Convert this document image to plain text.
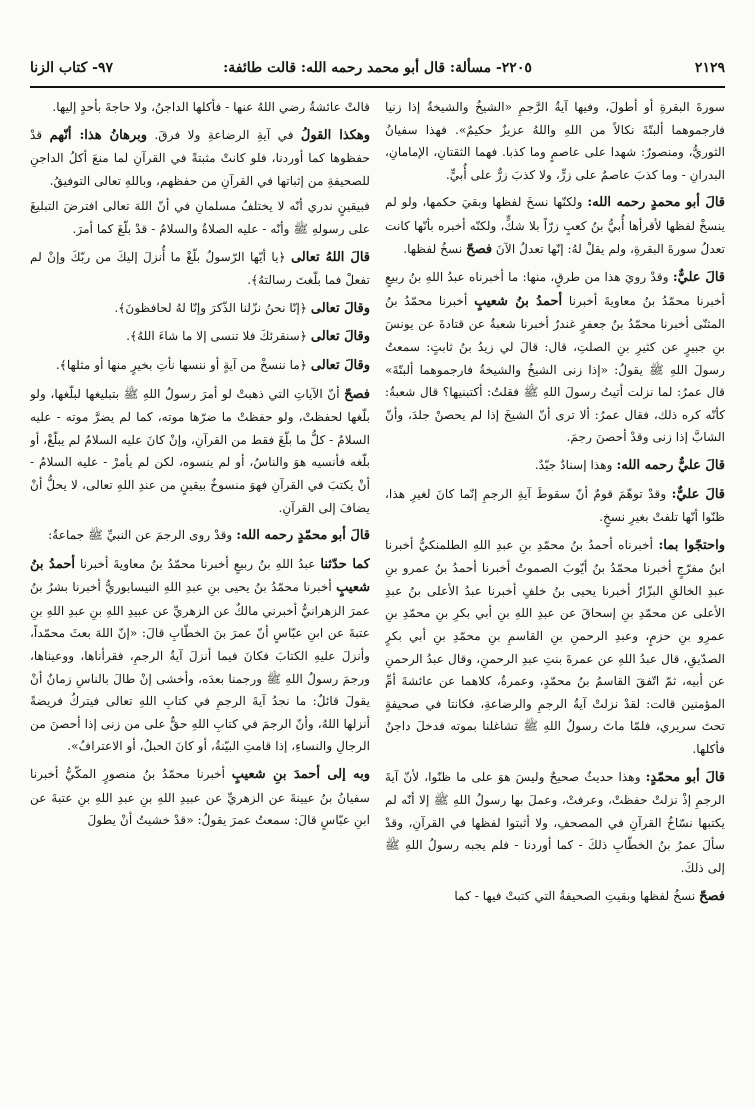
٢١٢٩
٢٢٠٥- مسألة: قال أبو محمد رحمه الله: قالت طائفة:
٩٧- كتاب الزنا

سورةَ البقرةِ أو أطولَ، وفيها آيةُ الرَّجمِ «الشيخُ والشيخةُ إذا زنيا فارجموهما ألبتّةَ نكالاً من اللهِ واللهُ عزيزٌ حكيمٌ». فهذا سفيانُ الثوريُّ، ومنصورٌ: شهدا على عاصمٍ وما كذبا. فهما الثقتانِ، الإمامانِ، البدرانِ - وما كذبَ عاصمٌ على زرٍّ، ولا كذبَ زرٌّ على أُبيٍّ.

قالَ أبو محمدٍ رحمه الله: ولكنّها نسخَ لفظها وبقيَ حكمها، ولو لم ينسخْ لفظها لأقرأها أُبيُّ بنُ كعبٍ زرّاً بلا شكٍّ، ولكنّه أخبره بأنّها كانت تعدلُ سورةَ البقرةِ، ولم يقلْ لهُ: إنّها تعدلُ الآنَ فصحّ نسخُ لفظها.

قالَ عليٌّ: وقدْ رويَ هذا من طرقٍ، منها: ما أخبرناه عبدُ اللهِ بنُ ربيعٍ أخبرنا محمّدُ بنُ معاويةَ أخبرنا أحمدُ بنُ شعيبٍ أخبرنا محمّدُ بنُ المثنّى أخبرنا محمّدُ بنُ جعفرٍ غندرٌ أخبرنا شعبةُ عن قتادةَ عن يونسَ بنِ جبيرٍ عن كثيرِ بنِ الصلتِ، قال: قالَ لي زيدُ بنُ ثابتٍ: سمعتُ رسولَ اللهِ ﷺ يقولُ: «إذا زنى الشيخُ والشيخةُ فارجموهما ألبتّةَ» قال عمرُ: لما نزلت أتيتُ رسولَ اللهِ ﷺ فقلتُ: أكتبنيها؟ قال شعبةُ: كأنّه كره ذلك، فقال عمرُ: ألا ترى أنّ الشيخَ إذا لم يحصنْ جلدَ، وأنّ الشابَّ إذا زنى وقدْ أحصنَ رجمَ.

قالَ عليٌّ رحمه الله: وهذا إسنادٌ جيّدٌ.

قالَ عليٌّ: وقدْ توهّمَ قومٌ أنّ سقوطَ آيةِ الرجمِ إنّما كانَ لغيرِ هذا، ظنّوا أنّها تلفتْ بغيرِ نسخٍ.

واحتجّوا بما: أخبرناه أحمدُ بنُ محمّدِ بنِ عبدِ اللهِ الطلمنكيُّ أخبرنا ابنُ مفرّجٍ أخبرنا محمّدُ بنُ أيّوبَ الصموتُ أخبرنا أحمدُ بنُ عمرو بنِ عبدِ الخالقِ البزّارُ أخبرنا يحيى بنُ خلفٍ أخبرنا عبدُ الأعلى بنُ عبدِ الأعلى عن محمّدِ بنِ إسحاقَ عن عبدِ اللهِ بنِ أبي بكرِ بنِ محمّدِ بنِ عمرِو بنِ حزمٍ، وعبدِ الرحمنِ بنِ القاسمِ بنِ محمّدِ بنِ أبي بكرٍ الصدّيقِ، قال عبدُ اللهِ عن عمرةَ بنتِ عبدِ الرحمنِ، وقال عبدُ الرحمنِ عن أبيه، ثمّ اتّفقَ القاسمُ بنُ محمّدٍ، وعمرةُ، كلاهما عن عائشةَ أمِّ المؤمنين قالت: لقدْ نزلتْ آيةُ الرجمِ والرضاعةِ، فكانتا في صحيفةٍ تحتَ سريري، فلمّا ماتَ رسولُ اللهِ ﷺ تشاغلنا بموته فدخلَ داجنٌ فأكلها.

قالَ أبو محمّدٍ: وهذا حديثٌ صحيحٌ وليسَ هوَ على ما ظنّوا، لأنّ آيةَ الرجمِ إذْ نزلتْ حفظتْ، وعرفتْ، وعملَ بها رسولُ اللهِ ﷺ إلا أنّه لم يكتبها نسّاخُ القرآنِ في المصحفِ، ولا أثبتوا لفظها في القرآنِ، وقدْ سألَ عمرُ بنُ الخطّابِ ذلكَ - كما أوردنا - فلم يجبه رسولُ اللهِ ﷺ إلى ذلكَ.

فصحّ نسخُ لفظها وبقيتِ الصحيفةُ التي كتبتْ فيها - كما

قالتْ عائشةُ رضي اللهُ عنها - فأكلها الداجنُ، ولا حاجةَ بأحدٍ إليها.

وهكذا القولُ في آيةِ الرضاعةِ ولا فرقَ. وبرهانُ هذا: أنّهم قدْ حفظوها كما أوردنا، فلو كانتْ مثبتةً في القرآنِ لما منعَ أكلُ الداجنِ للصحيفةِ من إثباتها في القرآنِ من حفظهم، وباللهِ تعالى التوفيقُ.

فبيقينٍ ندري أنّه لا يختلفُ مسلمانِ في أنّ اللهَ تعالى افترضَ التبليغَ على رسولهِ ﷺ وأنّه - عليه الصلاةُ والسلامُ - قدْ بلّغَ كما أمرَ.

قالَ اللهُ تعالى ﴿يا أيّها الرّسولُ بلّغْ ما أُنزلَ إليكَ من ربّكَ وإنْ لم تفعلْ فما بلّغتَ رسالتهُ﴾.

وقالَ تعالى ﴿إنّا نحنُ نزّلنا الذّكرَ وإنّا لهُ لحافظونَ﴾.

وقالَ تعالى ﴿سنقرئكَ فلا تنسى إلا ما شاءَ اللهُ﴾.

وقالَ تعالى ﴿ما ننسخْ من آيةٍ أو ننسها نأتِ بخيرٍ منها أو مثلها﴾.

فصحّ أنّ الآياتِ التي ذهبتْ لو أمرَ رسولُ اللهِ ﷺ بتبليغها لبلّغها، ولو بلّغها لحفظتْ، ولو حفظتْ ما ضرّها موته، كما لم يضرَّ موته - عليه السلامُ - كلُّ ما بلّغَ فقط من القرآنِ، وإنْ كانَ عليه السلامُ لم يبلّغْ، أو بلّغه فأنسيه هوَ والناسُ، أو لم ينسوه، لكن لم يأمرْ - عليه السلامُ - أنْ يكتبَ في القرآنِ فهوَ منسوخٌ بيقينٍ من عندِ اللهِ تعالى، لا يحلُّ أنْ يضافَ إلى القرآنِ.

قالَ أبو محمّدٍ رحمه الله: وقدْ روى الرجمَ عن النبيِّ ﷺ جماعةٌ:

كما حدّثنا عبدُ اللهِ بنُ ربيعٍ أخبرنا محمّدُ بنُ معاويةَ أخبرنا أحمدُ بنُ شعيبٍ أخبرنا محمّدُ بنُ يحيى بنِ عبدِ اللهِ النيسابوريُّ أخبرنا بشرُ بنُ عمرَ الزهرانيُّ أخبرني مالكٌ عن الزهريِّ عن عبيدِ اللهِ بنِ عبدِ اللهِ بنِ عتبةَ عن ابنِ عبّاسٍ أنّ عمرَ بنَ الخطّابِ قالَ: «إنّ اللهَ بعثَ محمّداً، وأنزلَ عليهِ الكتابَ فكانَ فيما أنزلَ آيةُ الرجمِ، فقرأناها، ووعيناها، ورجمَ رسولُ اللهِ ﷺ ورجمنا بعدَه، وأخشى إنْ طالَ بالناسِ زمانٌ أنْ يقولَ قائلٌ: ما نجدُ آيةَ الرجمِ في كتابِ اللهِ تعالى فيتركُ فريضةً أنزلها اللهُ، وأنّ الرجمَ في كتابِ اللهِ حقٌّ على من زنى إذا أحصنَ من الرجالِ والنساءِ، إذا قامتِ البيّنةُ، أو كانَ الحبلُ، أو الاعترافُ».

وبه إلى أحمدَ بنِ شعيبٍ أخبرنا محمّدُ بنُ منصورٍ المكّيُّ أخبرنا سفيانُ بنُ عيينةَ عن الزهريِّ عن عبيدِ اللهِ بنِ عبدِ اللهِ بنِ عتبةَ عن ابنِ عبّاسٍ قالَ: سمعتُ عمرَ يقولُ: «قدْ خشيتُ أنْ يطولَ
